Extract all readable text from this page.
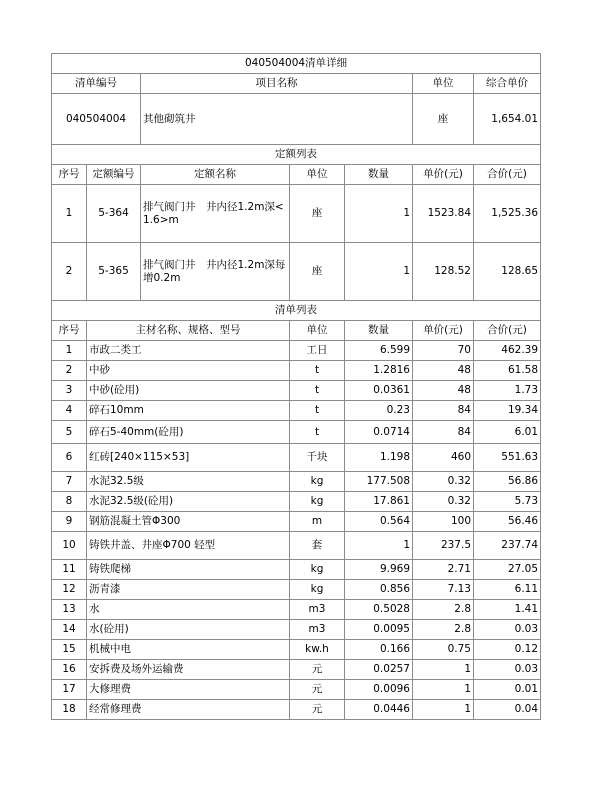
040504004清单详细						
清单编号		项目名称			单位	综合单价
040504004		其他砌筑井			座	1,654.01
定额列表						
序号	定额编号	定额名称	单位	数量	单价(元)	合价(元)
1	5-364	排气阀门井　井内径1.2m深<1.6>m	座	1	1523.84	1,525.36
2	5-365	排气阀门井　井内径1.2m深每增0.2m	座	1	128.52	128.65
清单列表						
序号	主材名称、规格、型号		单位	数量	单价(元)	合价(元)
1	市政二类工		工日	6.599	70	462.39
2	中砂		t	1.2816	48	61.58
3	中砂(砼用)		t	0.0361	48	1.73
4	碎石10mm		t	0.23	84	19.34
5	碎石5-40mm(砼用)		t	0.0714	84	6.01
6	红砖[240×115×53]		千块	1.198	460	551.63
7	水泥32.5级		kg	177.508	0.32	56.86
8	水泥32.5级(砼用)		kg	17.861	0.32	5.73
9	钢筋混凝土管Φ300		m	0.564	100	56.46
10	铸铁井盖、井座Φ700 轻型		套	1	237.5	237.74
11	铸铁爬梯		kg	9.969	2.71	27.05
12	沥青漆		kg	0.856	7.13	6.11
13	水		m3	0.5028	2.8	1.41
14	水(砼用)		m3	0.0095	2.8	0.03
15	机械中电		kw.h	0.166	0.75	0.12
16	安拆费及场外运输费		元	0.0257	1	0.03
17	大修理费		元	0.0096	1	0.01
18	经常修理费		元	0.0446	1	0.04
